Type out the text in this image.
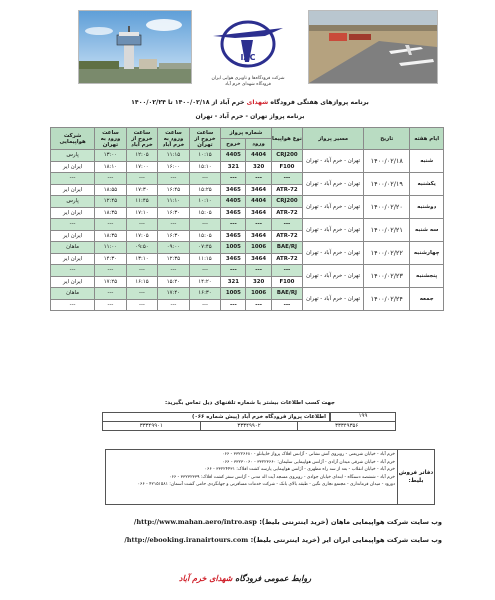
IAC
شرکت فرودگاه‌ها و ناوبری هوایی ایران
فرودگاه شهدای خرم آباد
برنامه پروازهای هفتگی فرودگاه شهدای خرم آباد از ۱۴۰۰/۰۲/۱۸ تا ۱۴۰۰/۰۲/۲۴
برنامه پرواز تهران - خرم آباد - تهران
ایام هفته	تاریخ	مسیر پرواز	نوع هواپیما	شماره پرواز		ساعت خروج از تهران	ساعت ورود به خرم آباد	ساعت خروج از خرم آباد	ساعت ورود به تهران	شرکت هواپیمایی
				ورود	خروج					
شنبه	۱۴۰۰/۰۲/۱۸	تهران - خرم آباد - تهران	CRJ200	4404	4405	۱۰:۱۵	۱۱:۱۵	۱۲:۰۵	۱۳:۰۰	پارس
			F100	320	321	۱۵:۱۰	۱۶:۰۰	۱۷:۰۰	۱۸:۱۰	ایران ایر
یکشنبه	۱۴۰۰/۰۲/۱۹	تهران - خرم آباد - تهران	---	---	---	---	---	---	---	---
			ATR-72	3464	3465	۱۵:۲۵	۱۶:۴۵	۱۷:۳۰	۱۸:۵۵	ایران ایر
دوشنبه	۱۴۰۰/۰۲/۲۰	تهران - خرم آباد - تهران	CRJ200	4404	4405	۱۰:۱۰	۱۱:۱۰	۱۱:۴۵	۱۲:۴۵	پارس
			ATR-72	3464	3465	۱۵:۰۵	۱۶:۳۰	۱۷:۱۰	۱۸:۳۵	ایران ایر
سه شنبه	۱۴۰۰/۰۲/۲۱	تهران - خرم آباد - تهران	---	---	---	---	---	---	---	---
			ATR-72	3464	3465	۱۵:۰۵	۱۶:۳۰	۱۷:۰۵	۱۸:۳۵	ایران ایر
چهارشنبه	۱۴۰۰/۰۲/۲۲	تهران - خرم آباد - تهران	BAE/RJ	1006	1005	۰۷:۴۵	۰۹:۰۰	۰۹:۵۰	۱۱:۰۰	ماهان
			ATR-72	3464	3465	۱۱:۱۵	۱۲:۳۵	۱۳:۱۰	۱۴:۳۰	ایران ایر
پنجشنبه	۱۴۰۰/۰۲/۲۳	تهران - خرم آباد - تهران	---	---	---	---	---	---	---	---
			F100	320	321	۱۴:۲۰	۱۵:۲۰	۱۶:۱۵	۱۷:۲۵	ایران ایر
جمعه	۱۴۰۰/۰۲/۲۴	تهران - خرم آباد - تهران	BAE/RJ	1006	1005	۱۶:۳۰	۱۷:۴۰	---	---	ماهان
			---	---	---	---	---	---	---	---
جهت کسب اطلاعات بیشتر با شماره تلفنهای ذیل تماس بگیرید:
اطلاعات پرواز فرودگاه خرم آباد (پیش شماره ۰۶۶)	۱۹۹
۳۳۳۴۹۹۰۱	۳۳۳۴۹۹۰۲	۳۳۳۴۹۳۵۶
خرم آباد - خیابان شریعتی - روبروی آتش نشانی - آژانس افلاک پرواز خایبانلو - ۳۳۲۲۶۶۸۰ - ۰۶۶
خرم آباد - خیابان شرقی میدان آزادی - آژانس هواپیمایی سلیمان: ۳۳۲۲۳۶۶۰ - ۳۳۲۳۰۰۶۰ - ۰۶۶
خرم آباد - خیابان انقلاب - بعد از سه راه مطهری - آژانس هواپیمایی پارسه کشت افلاک: ۳۳۲۲۴۴۳۱ - ۰۶۶
خرم آباد - ششصد دستگاه - ابتدای خیابان جوادی - روبروی مسجد آیت اله مدنی - آژانس سفر کشت افلاک: ۳۳۲۳۲۳۳۹ - ۰۶۶
دورود - میدان فرمانداری - مجتمع تجاری نگین - طبقه بالای بانک - شرکت خدمات مسافرتی و جهانگردی حامی گشت آسمان: ۴۲۱۵۱۵۸۱ - ۰۶۶
دفاتر فروش بلیط:
وب سایت شرکت هواپیمایی ماهان (خرید اینترنتی بلیط): http://www.mahan.aero/intro.asp/
وب سایت شرکت هواپیمایی ایران ایر (خرید اینترنتی بلیط): http://ebooking.iranairtours.com/
روابط عمومی فرودگاه شهدای خرم آباد
